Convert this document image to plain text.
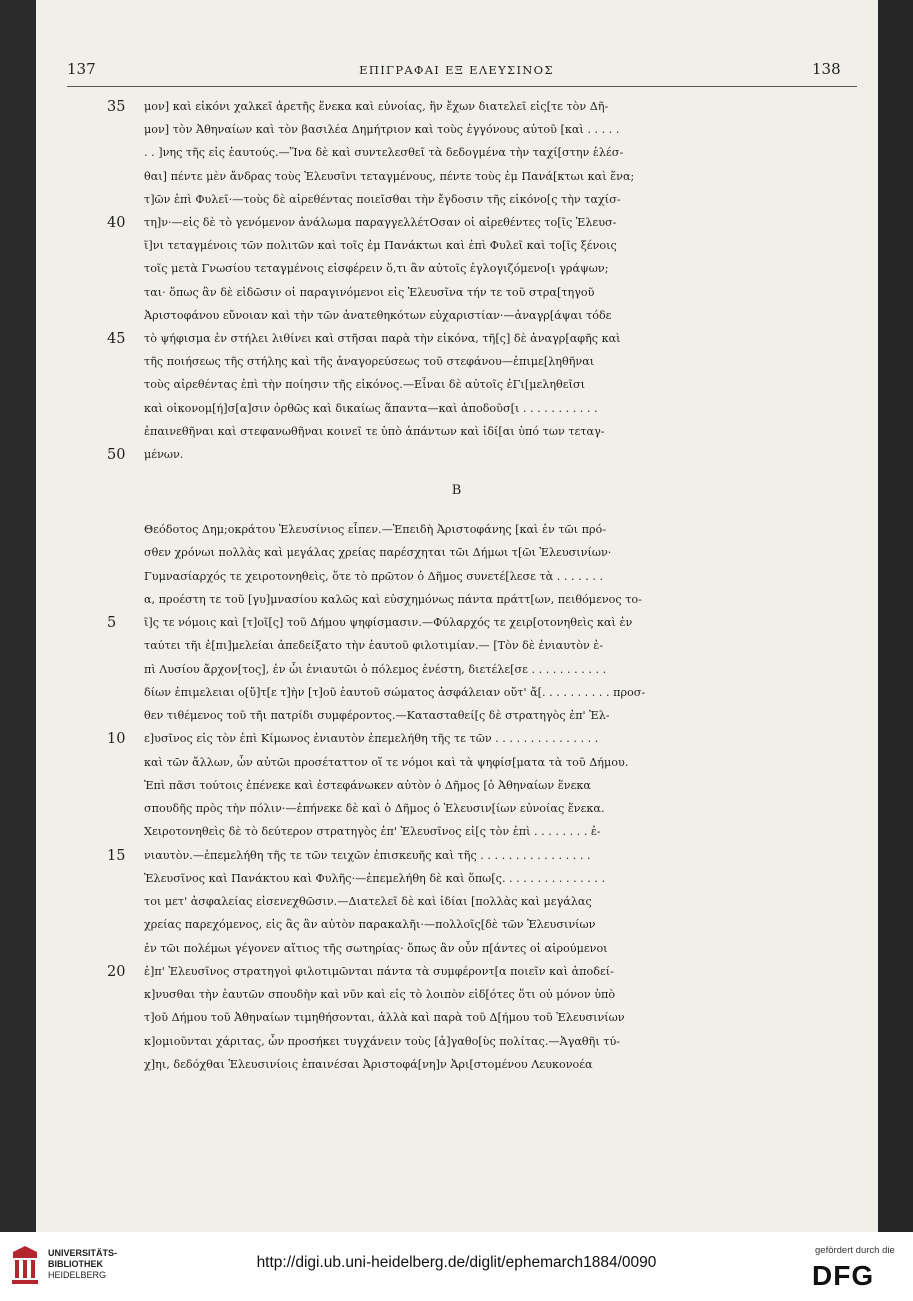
137	ΕΠΙΓΡΑΦΑΙ ΕΞ ΕΛΕΥΣΙΝΟΣ	138
μον] καὶ εἰκόνι χαλκεῖ ἀρετῆς ἕνεκα καὶ εὐνοίας, ἣν ἔχων διατελεῖ εἰς[τε τὸν Δῆ-
μον] τὸν Ἀθηναίων καὶ τὸν βασιλέα Δημήτριον καὶ τοὺς ἐγγόνους αὐτοῦ [καὶ . . . . .
. . ]νης τῆς εἰς ἑαυτούς.—Ἵνα δὲ καὶ συντελεσθεῖ τὰ δεδογμένα τὴν ταχί[στην ἑλέσ-
θαι] πέντε μὲν ἄνδρας τοὺς Ἐλευσῖνι τεταγμένους, πέντε τοὺς ἐμ Πανά[κτωι καὶ ἕνα;
τ]ῶν ἐπὶ Φυλεῖ·—τοὺς δὲ αἱρεθέντας ποιεῖσθαι τὴν ἔγδοσιν τῆς εἰκόνο[ς τὴν ταχίσ-
τη]ν·—εἰς δὲ τὸ γενόμενον ἀνάλωμα παραγγελλέτΟσαν οἱ αἱρεθέντες το[ῖς Ἐλευσ-
ῖ]νι τεταγμένοις τῶν πολιτῶν καὶ τοῖς ἐμ Πανάκτωι καὶ ἐπὶ Φυλεῖ καὶ το[ῖς ξένοις
τοῖς μετὰ Γνωσίου τεταγμένοις εἰσφέρειν ὅ,τι ἂν αὐτοῖς ἐγλογιζόμενο[ι γράψων;
ται· ὅπως ἂν δὲ εἰδῶσιν οἱ παραγινόμενοι εἰς Ἐλευσῖνα τήν τε τοῦ στρα[τηγοῦ
Ἀριστοφάνου εὔνοιαν καὶ τὴν τῶν ἀνατεθηκότων εὐχαριστίαν·—ἀναγρ[άψαι τόδε
τὸ ψήφισμα ἐν στήλει λιθίνει καὶ στῆσαι παρὰ τὴν εἰκόνα, τῆ[ς] δὲ ἀναγρ[αφῆς καὶ
τῆς ποιήσεως τῆς στήλης καὶ τῆς ἀναγορεύσεως τοῦ στεφάνου—ἐπιμε[ληθῆναι
τοὺς αἱρεθέντας ἐπὶ τὴν ποίησιν τῆς εἰκόνος.—Εἶναι δὲ αὐτοῖς ἐΓι[μεληθεῖσι
καὶ οἰκονομ[ή]σ[α]σιν ὀρθῶς καὶ δικαίως ἅπαντα—καὶ ἀποδοῦσ[ι . . . . . . . . . . .
ἐπαινεθῆναι καὶ στεφανωθῆναι κοινεῖ τε ὑπὸ ἁπάντων καὶ ἰδί[αι ὑπό των τεταγ-
μένων.
35
40
45
50
B
Θεόδοτος Δημ;οκράτου Ἐλευσίνιος εἶπεν.—Ἐπειδὴ Ἀριστοφάνης [καὶ ἐν τῶι πρό-
σθεν χρόνωι πολλὰς καὶ μεγάλας χρείας παρέσχηται τῶι Δήμωι τ[ῶι Ἐλευσινίων·
Γυμνασίαρχός τε χειροτονηθεὶς, ὅτε τὸ πρῶτον ὁ Δῆμος συνετέ[λεσε τὰ . . . . . . .
α, προέστη τε τοῦ [γυ]μνασίου καλῶς καὶ εὐσχημόνως πάντα πράττ[ων, πειθόμενος το-
ῖ]ς τε νόμοις καὶ [τ]οῖ[ς] τοῦ Δήμου ψηφίσμασιν.—Φύλαρχός τε χειρ[οτονηθεὶς καὶ ἐν
ταύτει τῆι ἐ[πι]μελείαι ἀπεδείξατο τὴν ἑαυτοῦ φιλοτιμίαν.— [Τὸν δὲ ἐνιαυτὸν ἐ-
πὶ Λυσίου ἄρχον[τος], ἐν ὧι ἐνιαυτῶι ὁ πόλεμος ἐνέστη, διετέλε[σε . . . . . . . . . . .
δίων ἐπιμελειαι ο[ὔ]τ[ε τ]ὴν [τ]οῦ ἑαυτοῦ σώματος ἀσφάλειαν οὔτ' ἄ[. . . . . . . . . . προσ-
θεν τιθέμενος τοῦ τῆι πατρίδι συμφέροντος.—Κατασταθεί[ς δὲ στρατηγὸς ἐπ' Ἐλ-
ε]υσῖνος εἰς τὸν ἐπὶ Κίμωνος ἐνιαυτὸν ἐπεμελήθη τῆς τε τῶν . . . . . . . . . . . . . . .
καὶ τῶν ἄλλων, ὧν αὐτῶι προσέταττον οἵ τε νόμοι καὶ τὰ ψηφίσ[ματα τὰ τοῦ Δήμου.
Ἐπὶ πᾶσι τούτοις ἐπένεκε καὶ ἐστεφάνωκεν αὐτὸν ὁ Δῆμος [ὁ Ἀθηναίων ἕνεκα
σπουδῆς πρὸς τὴν πόλιν·—ἐπήνεκε δὲ καὶ ὁ Δῆμος ὁ Ἐλευσιν[ίων εὐνοίας ἕνεκα.
Χειροτονηθεὶς δὲ τὸ δεύτερον στρατηγὸς ἐπ' Ἐλευσῖνος εἰ[ς τὸν ἐπὶ . . . . . . . . ἐ-
νιαυτὸν.—ἐπεμελήθη τῆς τε τῶν τειχῶν ἐπισκευῆς καὶ τῆς . . . . . . . . . . . . . . . .
Ἐλευσῖνος καὶ Πανάκτου καὶ Φυλῆς·—ἐπεμελήθη δὲ καὶ ὅπω[ς. . . . . . . . . . . . . . .
τοι μετ' ἀσφαλείας εἰσενεχθῶσιν.—Διατελεῖ δὲ καὶ ἰδίαι [πολλὰς καὶ μεγάλας
χρείας παρεχόμενος, εἰς ἃς ἂν αὐτὸν παρακαλῆι·—πολλοῖς[δὲ τῶν Ἐλευσινίων
ἐν τῶι πολέμωι γέγονεν αἴτιος τῆς σωτηρίας· ὅπως ἂν οὖν π[άντες οἱ αἱρούμενοι
ἐ]π' Ἐλευσῖνος στρατηγοὶ φιλοτιμῶνται πάντα τὰ συμφέροντ[α ποιεῖν καὶ ἀποδεί-
κ]νυσθαι τὴν ἑαυτῶν σπουδὴν καὶ νῦν καὶ εἰς τὸ λοιπὸν εἰδ[ότες ὅτι οὐ μόνον ὑπὸ
τ]οῦ Δήμου τοῦ Ἀθηναίων τιμηθήσονται, ἀλλὰ καὶ παρὰ τοῦ Δ[ήμου τοῦ Ἐλευσινίων
κ]ομιοῦνται χάριτας, ὧν προσήκει τυγχάνειν τοὺς [ἀ]γαθο[ὺς πολίτας.—Ἀγαθῆι τύ-
χ]ηι, δεδόχθαι Ἐλευσινίοις ἐπαινέσαι Ἀριστοφά[νη]ν Ἀρι[στομένου Λευκονοέα
5
10
15
20
UNIVERSITÄTS-
BIBLIOTHEK
HEIDELBERG
http://digi.ub.uni-heidelberg.de/diglit/ephemarch1884/0090
gefördert durch die
DFG
